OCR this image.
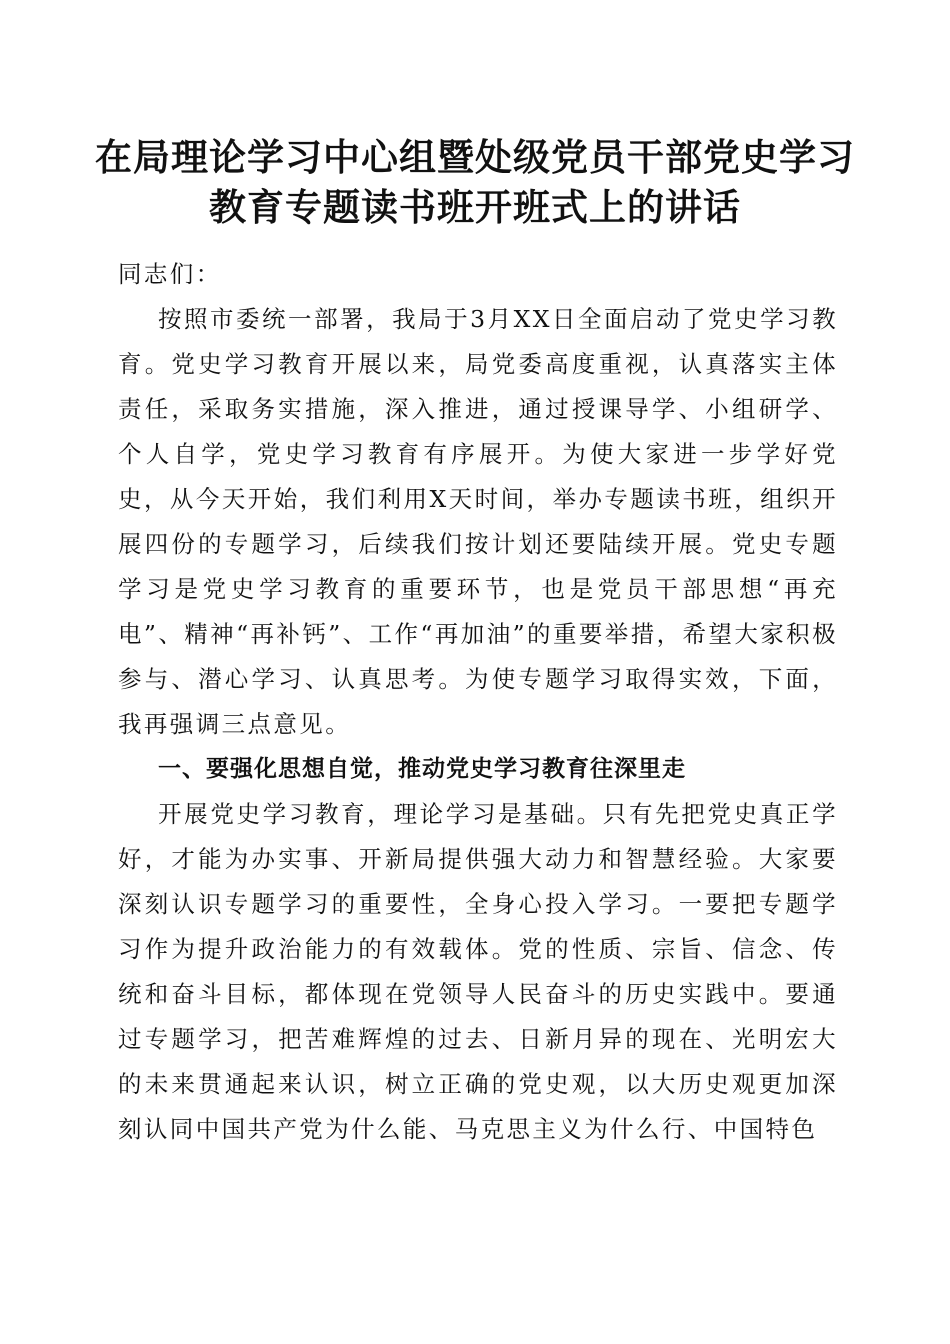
在局理论学习中心组暨处级党员干部党史学习
教育专题读书班开班式上的讲话

同志们：

按照市委统一部署，我局于3月XX日全面启动了党史学习教育。党史学习教育开展以来，局党委高度重视，认真落实主体责任，采取务实措施，深入推进，通过授课导学、小组研学、个人自学，党史学习教育有序展开。为使大家进一步学好党史，从今天开始，我们利用X天时间，举办专题读书班，组织开展四份的专题学习，后续我们按计划还要陆续开展。党史专题学习是党史学习教育的重要环节，也是党员干部思想“再充电”、精神“再补钙”、工作“再加油”的重要举措，希望大家积极参与、潜心学习、认真思考。为使专题学习取得实效，下面，我再强调三点意见。

一、要强化思想自觉，推动党史学习教育往深里走

开展党史学习教育，理论学习是基础。只有先把党史真正学好，才能为办实事、开新局提供强大动力和智慧经验。大家要深刻认识专题学习的重要性，全身心投入学习。一要把专题学习作为提升政治能力的有效载体。党的性质、宗旨、信念、传统和奋斗目标，都体现在党领导人民奋斗的历史实践中。要通过专题学习，把苦难辉煌的过去、日新月异的现在、光明宏大的未来贯通起来认识，树立正确的党史观，以大历史观更加深刻认同中国共产党为什么能、马克思主义为什么行、中国特色
